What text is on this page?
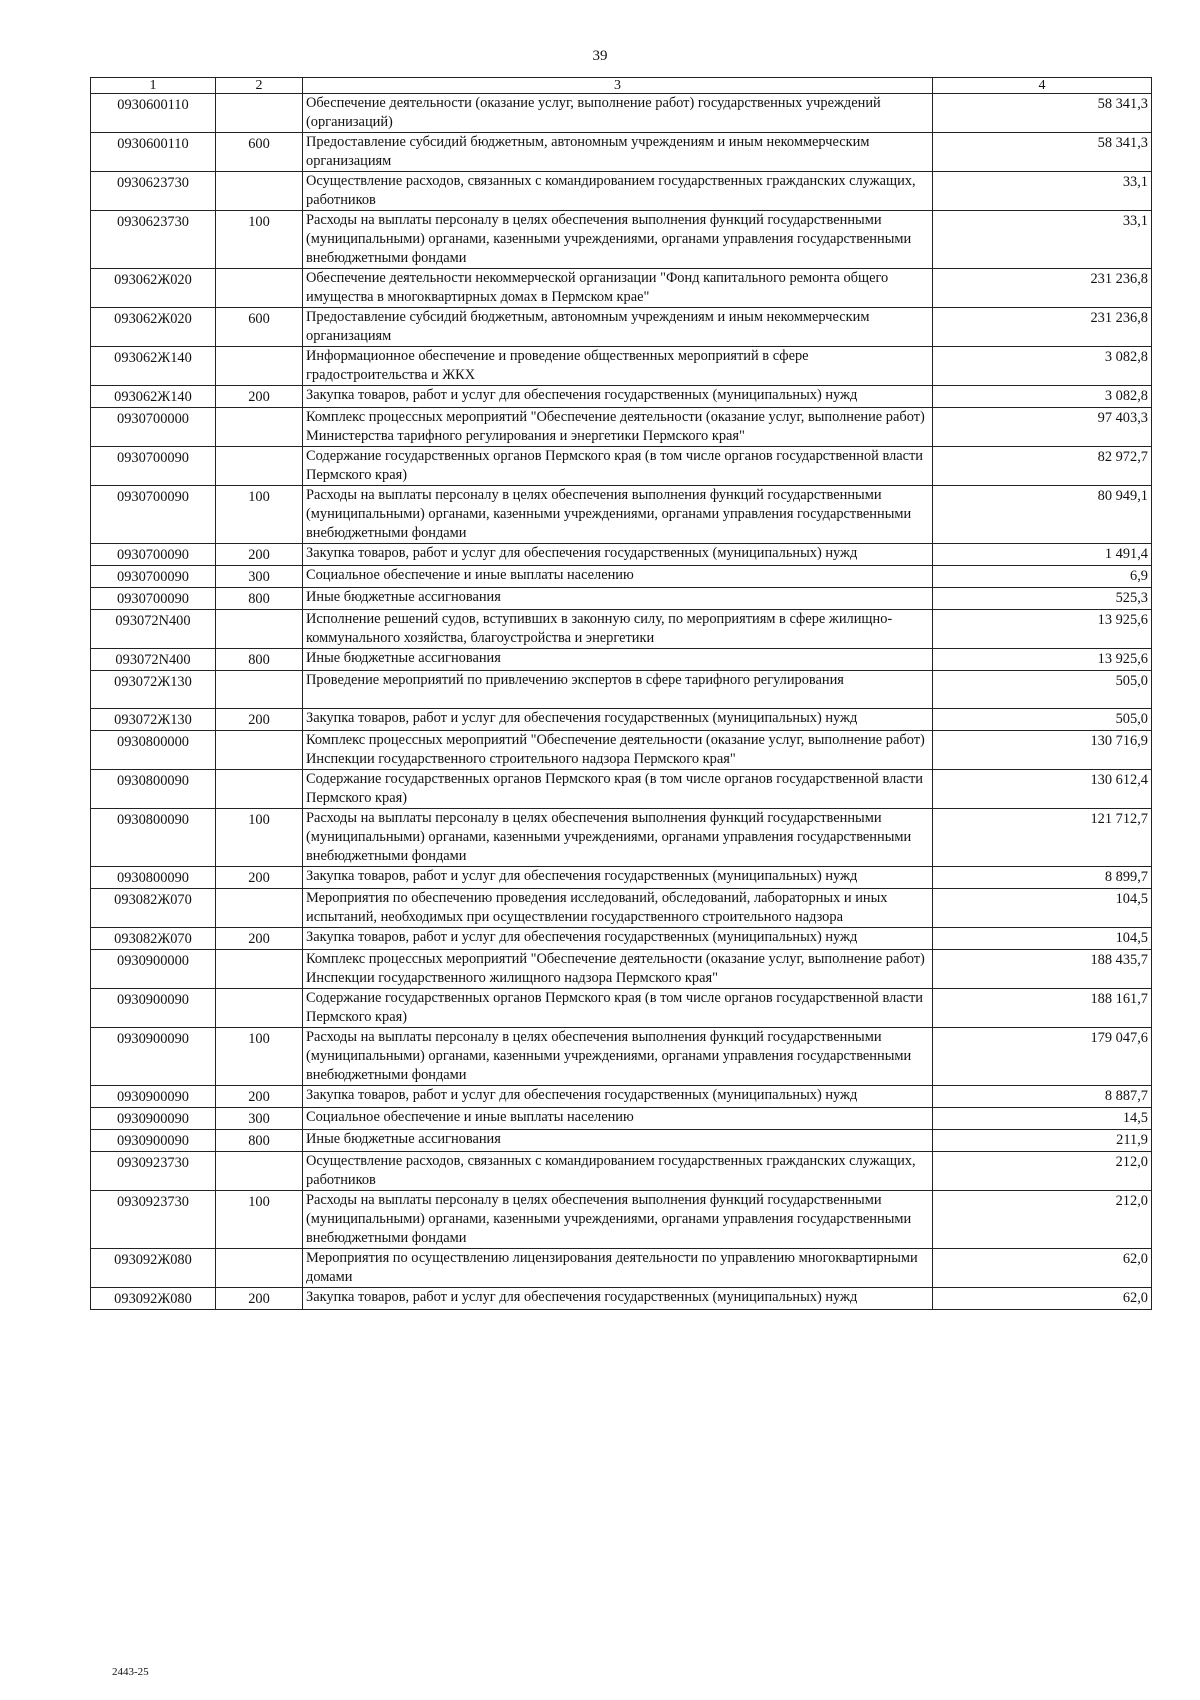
39
1	2	3	4
0930600110		Обеспечение деятельности (оказание услуг, выполнение работ) государственных учреждений (организаций)	58 341,3
0930600110	600	Предоставление субсидий бюджетным, автономным учреждениям и иным некоммерческим организациям	58 341,3
0930623730		Осуществление расходов, связанных с командированием государственных гражданских служащих, работников	33,1
0930623730	100	Расходы на выплаты персоналу в целях обеспечения выполнения функций государственными (муниципальными) органами, казенными учреждениями, органами управления государственными внебюджетными фондами	33,1
093062Ж020		Обеспечение деятельности некоммерческой организации "Фонд капитального ремонта общего имущества в многоквартирных домах в Пермском крае"	231 236,8
093062Ж020	600	Предоставление субсидий бюджетным, автономным учреждениям и иным некоммерческим организациям	231 236,8
093062Ж140		Информационное обеспечение и проведение общественных мероприятий в сфере градостроительства и ЖКХ	3 082,8
093062Ж140	200	Закупка товаров, работ и услуг для обеспечения государственных (муниципальных) нужд	3 082,8
0930700000		Комплекс процессных мероприятий "Обеспечение деятельности (оказание услуг, выполнение работ) Министерства тарифного регулирования и энергетики Пермского края"	97 403,3
0930700090		Содержание государственных органов Пермского края (в том числе органов государственной власти Пермского края)	82 972,7
0930700090	100	Расходы на выплаты персоналу в целях обеспечения выполнения функций государственными (муниципальными) органами, казенными учреждениями, органами управления государственными внебюджетными фондами	80 949,1
0930700090	200	Закупка товаров, работ и услуг для обеспечения государственных (муниципальных) нужд	1 491,4
0930700090	300	Социальное обеспечение и иные выплаты населению	6,9
0930700090	800	Иные бюджетные ассигнования	525,3
093072N400		Исполнение решений судов, вступивших в законную силу, по мероприятиям в сфере жилищно-коммунального хозяйства, благоустройства и энергетики	13 925,6
093072N400	800	Иные бюджетные ассигнования	13 925,6
093072Ж130		Проведение мероприятий по привлечению экспертов в сфере тарифного регулирования	505,0
093072Ж130	200	Закупка товаров, работ и услуг для обеспечения государственных (муниципальных) нужд	505,0
0930800000		Комплекс процессных мероприятий "Обеспечение деятельности (оказание услуг, выполнение работ) Инспекции государственного строительного надзора Пермского края"	130 716,9
0930800090		Содержание государственных органов Пермского края (в том числе органов государственной власти Пермского края)	130 612,4
0930800090	100	Расходы на выплаты персоналу в целях обеспечения выполнения функций государственными (муниципальными) органами, казенными учреждениями, органами управления государственными внебюджетными фондами	121 712,7
0930800090	200	Закупка товаров, работ и услуг для обеспечения государственных (муниципальных) нужд	8 899,7
093082Ж070		Мероприятия по обеспечению проведения исследований, обследований, лабораторных и иных испытаний, необходимых при осуществлении государственного строительного надзора	104,5
093082Ж070	200	Закупка товаров, работ и услуг для обеспечения государственных (муниципальных) нужд	104,5
0930900000		Комплекс процессных мероприятий "Обеспечение деятельности (оказание услуг, выполнение работ) Инспекции государственного жилищного надзора Пермского края"	188 435,7
0930900090		Содержание государственных органов Пермского края (в том числе органов государственной власти Пермского края)	188 161,7
0930900090	100	Расходы на выплаты персоналу в целях обеспечения выполнения функций государственными (муниципальными) органами, казенными учреждениями, органами управления государственными внебюджетными фондами	179 047,6
0930900090	200	Закупка товаров, работ и услуг для обеспечения государственных (муниципальных) нужд	8 887,7
0930900090	300	Социальное обеспечение и иные выплаты населению	14,5
0930900090	800	Иные бюджетные ассигнования	211,9
0930923730		Осуществление расходов, связанных с командированием государственных гражданских служащих, работников	212,0
0930923730	100	Расходы на выплаты персоналу в целях обеспечения выполнения функций государственными (муниципальными) органами, казенными учреждениями, органами управления государственными внебюджетными фондами	212,0
093092Ж080		Мероприятия по осуществлению лицензирования деятельности по управлению многоквартирными домами	62,0
093092Ж080	200	Закупка товаров, работ и услуг для обеспечения государственных (муниципальных) нужд	62,0
2443-25
